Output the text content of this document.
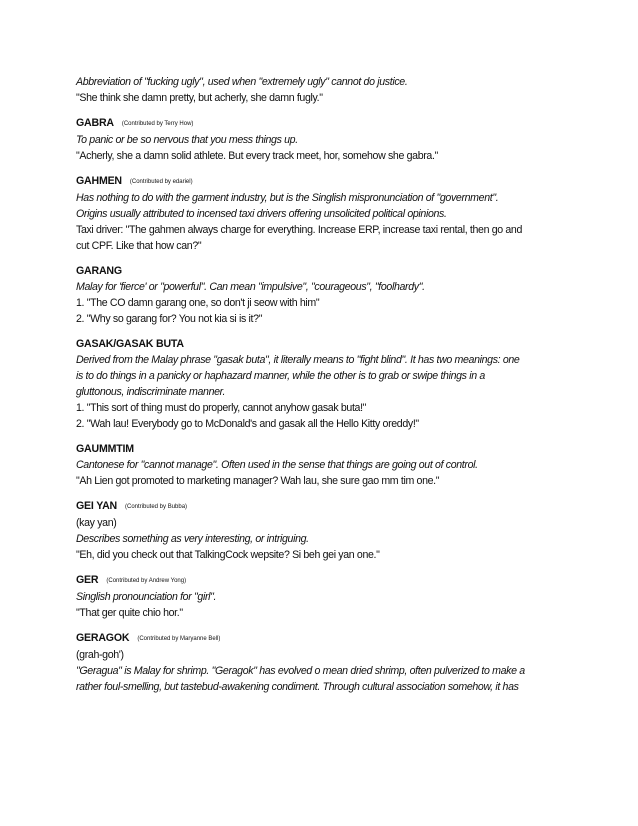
Abbreviation of "fucking ugly", used when "extremely ugly" cannot do justice.
"She think she damn pretty, but acherly, she damn fugly."
GABRA (Contributed by Terry How)
To panic or be so nervous that you mess things up.
"Acherly, she a damn solid athlete. But every track meet, hor, somehow she gabra."
GAHMEN (Contributed by edariel)
Has nothing to do with the garment industry, but is the Singlish mispronunciation of "government".
Origins usually attributed to incensed taxi drivers offering unsolicited political opinions.
Taxi driver: "The gahmen always charge for everything. Increase ERP, increase taxi rental, then go and
cut CPF. Like that how can?"
GARANG
Malay for 'fierce' or "powerful". Can mean "impulsive", "courageous", "foolhardy".
1. "The CO damn garang one, so don't ji seow with him"
2. "Why so garang for? You not kia si is it?"
GASAK/GASAK BUTA
Derived from the Malay phrase "gasak buta", it literally means to "fight blind". It has two meanings: one
is to do things in a panicky or haphazard manner, while the other is to grab or swipe things in a
gluttonous, indiscriminate manner.
1. "This sort of thing must do properly, cannot anyhow gasak buta!"
2. "Wah lau! Everybody go to McDonald's and gasak all the Hello Kitty oreddy!"
GAUMMTIM
Cantonese for "cannot manage". Often used in the sense that things are going out of control.
"Ah Lien got promoted to marketing manager? Wah lau, she sure gao mm tim one."
GEI YAN (Contributed by Bubba)
(kay yan)
Describes something as very interesting, or intriguing.
"Eh, did you check out that TalkingCock wepsite? Si beh gei yan one."
GER (Contributed by Andrew Yong)
Singlish pronounciation for "girl".
"That ger quite chio hor."
GERAGOK (Contributed by Maryanne Bell)
(grah-goh')
"Geragua" is Malay for shrimp. "Geragok" has evolved o mean dried shrimp, often pulverized to make a
rather foul-smelling, but tastebud-awakening condiment. Through cultural association somehow, it has
